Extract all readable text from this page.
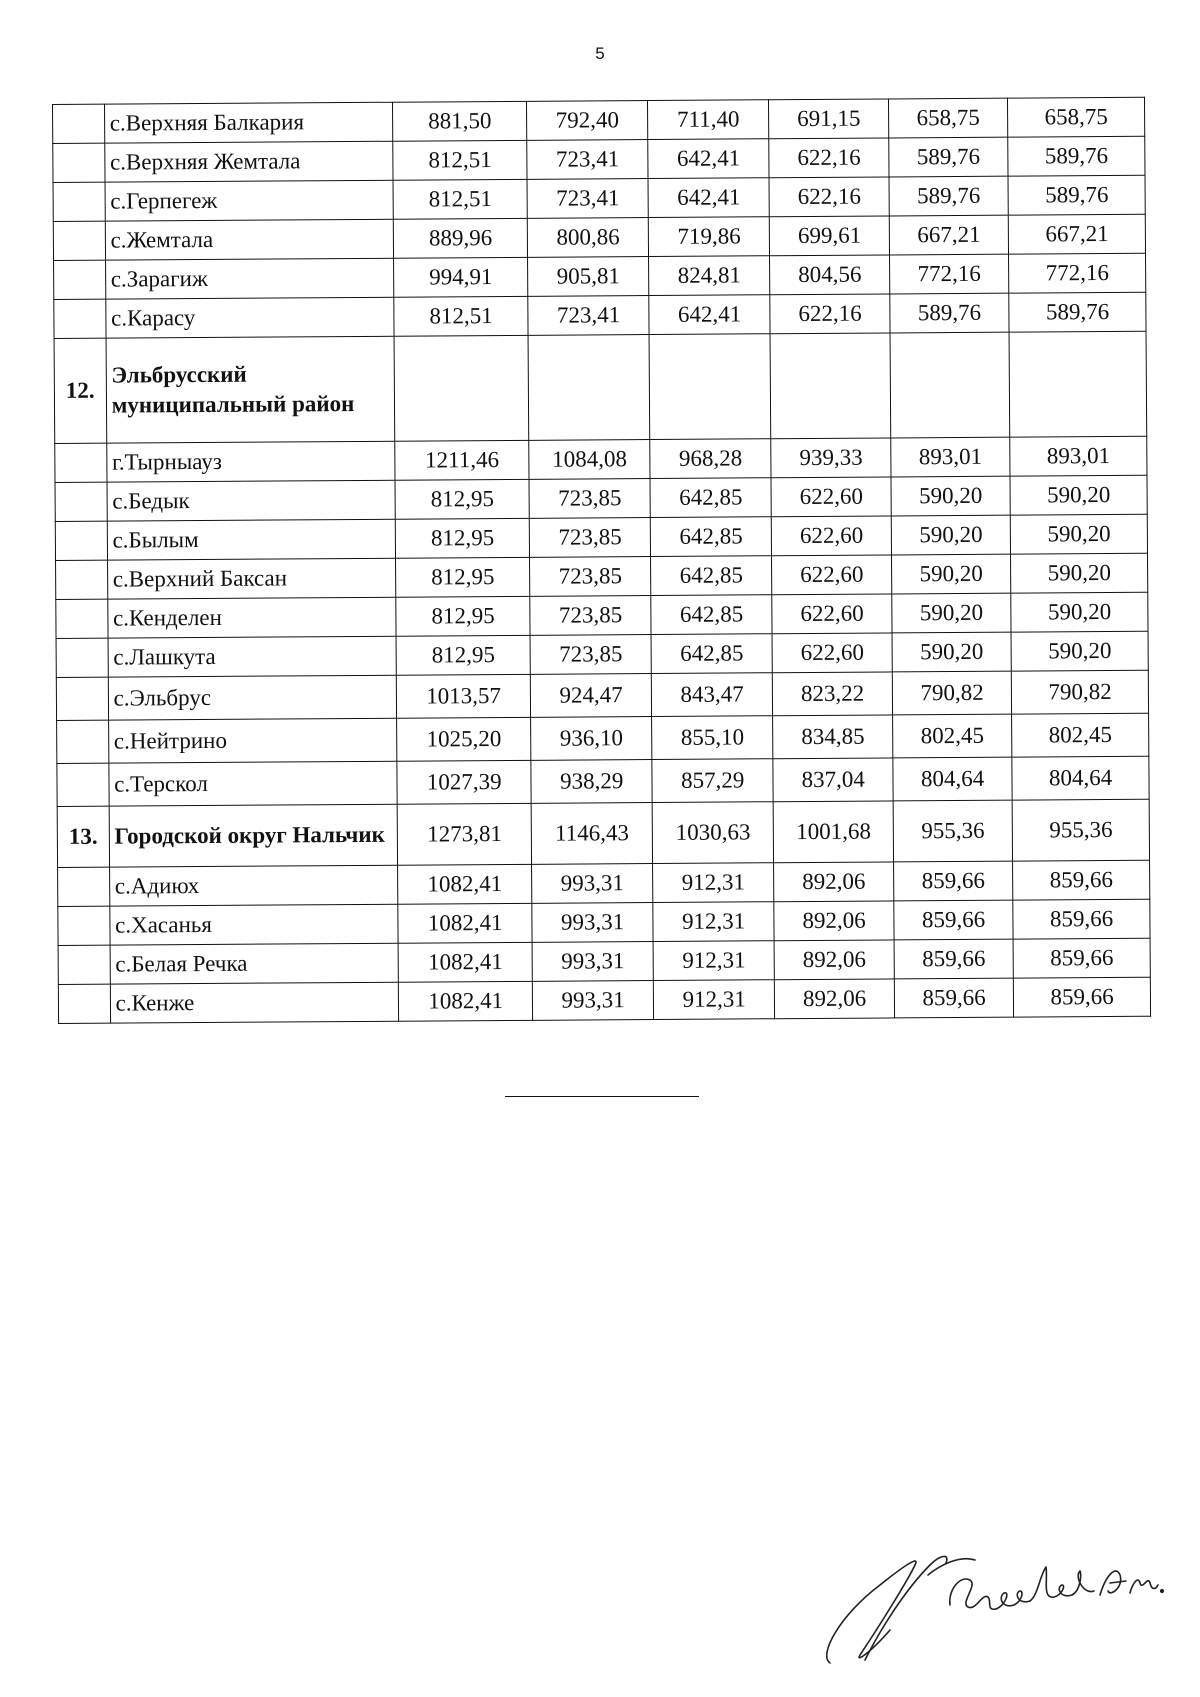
5
	с.Верхняя Балкария	881,50	792,40	711,40	691,15	658,75	658,75
	с.Верхняя Жемтала	812,51	723,41	642,41	622,16	589,76	589,76
	с.Герпегеж	812,51	723,41	642,41	622,16	589,76	589,76
	с.Жемтала	889,96	800,86	719,86	699,61	667,21	667,21
	с.Зарагиж	994,91	905,81	824,81	804,56	772,16	772,16
	с.Карасу	812,51	723,41	642,41	622,16	589,76	589,76
12.	Эльбрусский муниципальный район						
	г.Тырныауз	1211,46	1084,08	968,28	939,33	893,01	893,01
	с.Бедык	812,95	723,85	642,85	622,60	590,20	590,20
	с.Былым	812,95	723,85	642,85	622,60	590,20	590,20
	с.Верхний Баксан	812,95	723,85	642,85	622,60	590,20	590,20
	с.Кенделен	812,95	723,85	642,85	622,60	590,20	590,20
	с.Лашкута	812,95	723,85	642,85	622,60	590,20	590,20
	с.Эльбрус	1013,57	924,47	843,47	823,22	790,82	790,82
	с.Нейтрино	1025,20	936,10	855,10	834,85	802,45	802,45
	с.Терскол	1027,39	938,29	857,29	837,04	804,64	804,64
13.	Городской округ Нальчик	1273,81	1146,43	1030,63	1001,68	955,36	955,36
	с.Адиюх	1082,41	993,31	912,31	892,06	859,66	859,66
	с.Хасанья	1082,41	993,31	912,31	892,06	859,66	859,66
	с.Белая Речка	1082,41	993,31	912,31	892,06	859,66	859,66
	с.Кенже	1082,41	993,31	912,31	892,06	859,66	859,66
Журавлев А.И.
